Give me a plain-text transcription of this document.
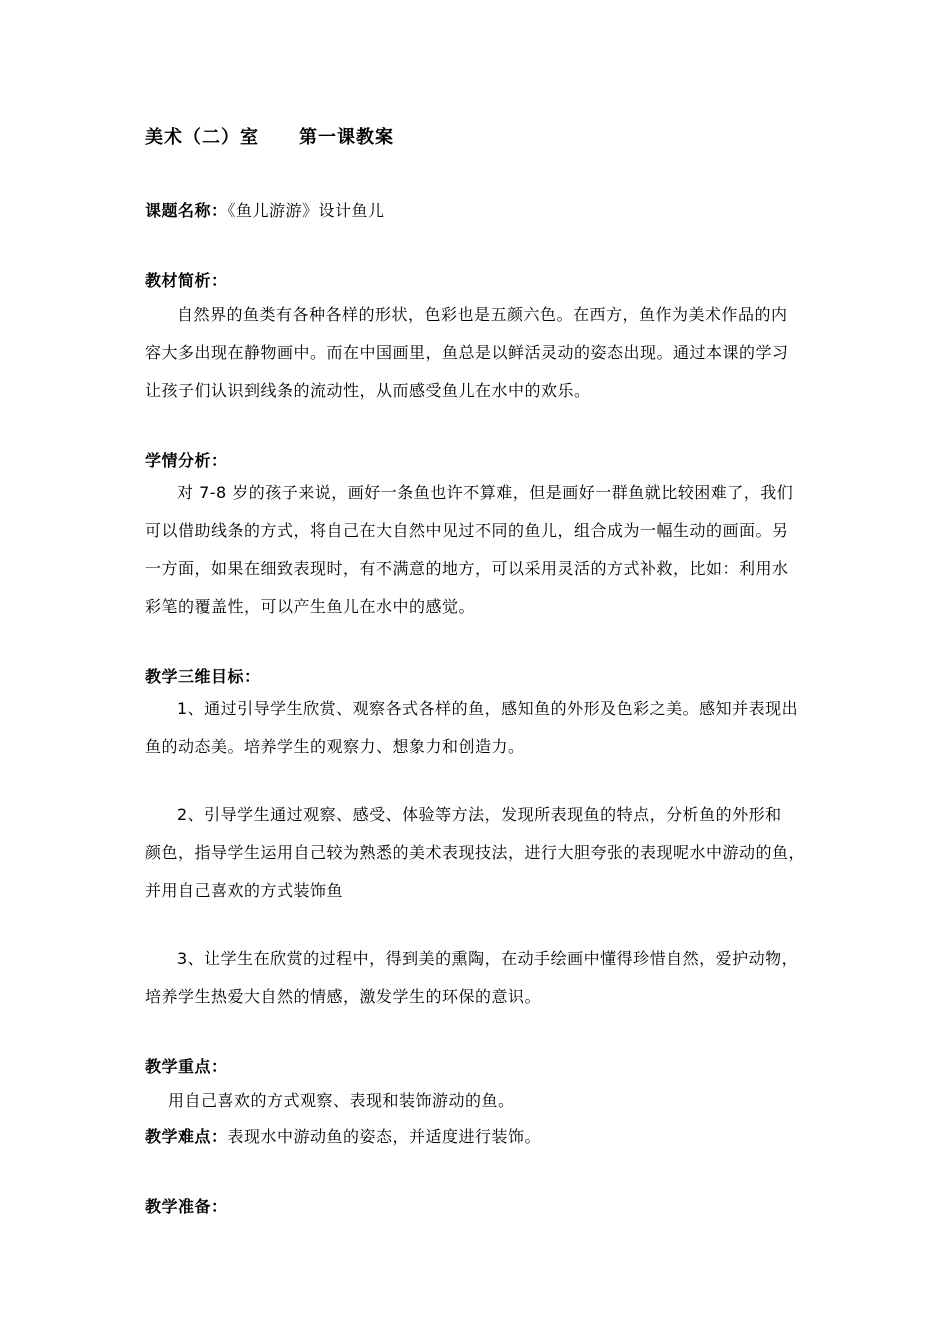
美术（二）室 第一课教案
课题名称：《鱼儿游游》设计鱼儿
教材简析：
自然界的鱼类有各种各样的形状，色彩也是五颜六色。在西方，鱼作为美术作品的内
容大多出现在静物画中。而在中国画里，鱼总是以鲜活灵动的姿态出现。通过本课的学习
让孩子们认识到线条的流动性，从而感受鱼儿在水中的欢乐。
学情分析：
对 7-8 岁的孩子来说，画好一条鱼也许不算难，但是画好一群鱼就比较困难了，我们
可以借助线条的方式，将自己在大自然中见过不同的鱼儿，组合成为一幅生动的画面。另
一方面，如果在细致表现时，有不满意的地方，可以采用灵活的方式补救，比如：利用水
彩笔的覆盖性，可以产生鱼儿在水中的感觉。
教学三维目标：
1、通过引导学生欣赏、观察各式各样的鱼，感知鱼的外形及色彩之美。感知并表现出
鱼的动态美。培养学生的观察力、想象力和创造力。
2、引导学生通过观察、感受、体验等方法，发现所表现鱼的特点，分析鱼的外形和
颜色，指导学生运用自己较为熟悉的美术表现技法，进行大胆夸张的表现呢水中游动的鱼，
并用自己喜欢的方式装饰鱼
3、让学生在欣赏的过程中，得到美的熏陶，在动手绘画中懂得珍惜自然，爱护动物，
培养学生热爱大自然的情感，激发学生的环保的意识。
教学重点：
用自己喜欢的方式观察、表现和装饰游动的鱼。
教学难点：表现水中游动鱼的姿态，并适度进行装饰。
教学准备：
